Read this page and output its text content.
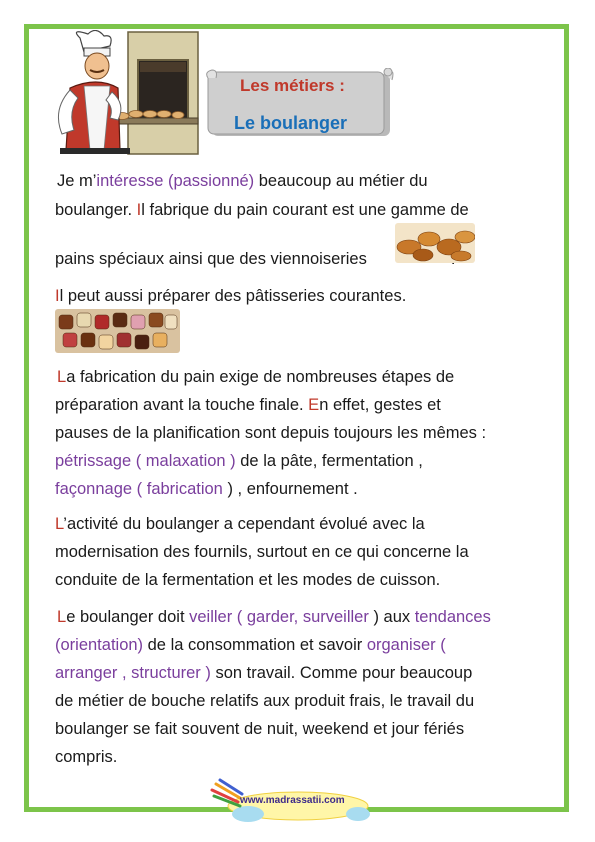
Les métiers :
Le boulanger
Je m’intéresse (passionné) beaucoup au métier du
boulanger. Il fabrique du pain courant est une gamme de
pains spéciaux ainsi que des viennoiseries
Il peut aussi préparer des pâtisseries courantes.
La fabrication du pain exige de nombreuses étapes de
préparation avant la touche finale. En effet, gestes et
pauses de la planification sont depuis toujours les mêmes :
pétrissage ( malaxation ) de la pâte, fermentation ,
façonnage ( fabrication ) , enfournement .
L’activité du boulanger a cependant évolué avec la
modernisation des fournils, surtout en ce qui concerne la
conduite de la fermentation et les modes de cuisson.
Le boulanger doit veiller ( garder, surveiller ) aux tendances
(orientation) de la consommation et savoir organiser (
arranger , structurer ) son travail. Comme pour beaucoup
de métier de bouche relatifs aux produit frais, le travail du
boulanger se fait souvent de nuit, weekend et jour fériés
compris.
www.madrassatii.com
